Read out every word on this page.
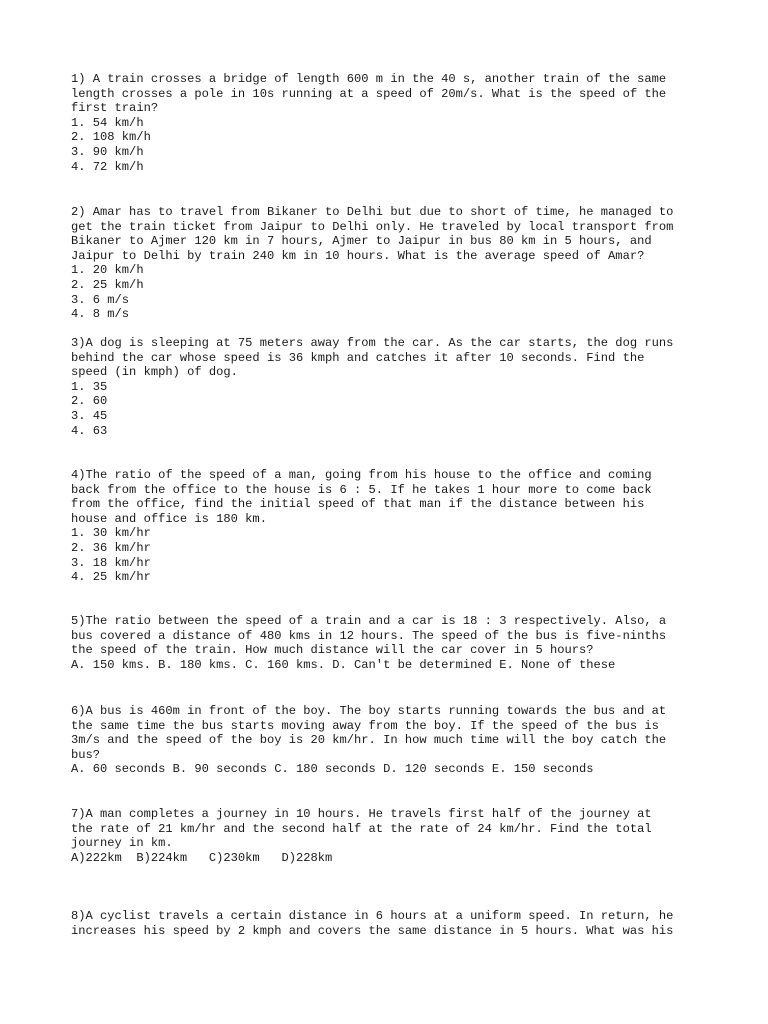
1) A train crosses a bridge of length 600 m in the 40 s, another train of the same
length crosses a pole in 10s running at a speed of 20m/s. What is the speed of the
first train?
1. 54 km/h
2. 108 km/h
3. 90 km/h
4. 72 km/h
2) Amar has to travel from Bikaner to Delhi but due to short of time, he managed to
get the train ticket from Jaipur to Delhi only. He traveled by local transport from
Bikaner to Ajmer 120 km in 7 hours, Ajmer to Jaipur in bus 80 km in 5 hours, and
Jaipur to Delhi by train 240 km in 10 hours. What is the average speed of Amar?
1. 20 km/h
2. 25 km/h
3. 6 m/s
4. 8 m/s
3)A dog is sleeping at 75 meters away from the car. As the car starts, the dog runs
behind the car whose speed is 36 kmph and catches it after 10 seconds. Find the
speed (in kmph) of dog.
1. 35
2. 60
3. 45
4. 63
4)The ratio of the speed of a man, going from his house to the office and coming
back from the office to the house is 6 : 5. If he takes 1 hour more to come back
from the office, find the initial speed of that man if the distance between his
house and office is 180 km.
1. 30 km/hr
2. 36 km/hr
3. 18 km/hr
4. 25 km/hr
5)The ratio between the speed of a train and a car is 18 : 3 respectively. Also, a
bus covered a distance of 480 kms in 12 hours. The speed of the bus is five-ninths
the speed of the train. How much distance will the car cover in 5 hours?
A. 150 kms. B. 180 kms. C. 160 kms. D. Can't be determined E. None of these
6)A bus is 460m in front of the boy. The boy starts running towards the bus and at
the same time the bus starts moving away from the boy. If the speed of the bus is
3m/s and the speed of the boy is 20 km/hr. In how much time will the boy catch the
bus?
A. 60 seconds B. 90 seconds C. 180 seconds D. 120 seconds E. 150 seconds
7)A man completes a journey in 10 hours. He travels first half of the journey at
the rate of 21 km/hr and the second half at the rate of 24 km/hr. Find the total
journey in km.
A)222km  B)224km   C)230km   D)228km
8)A cyclist travels a certain distance in 6 hours at a uniform speed. In return, he
increases his speed by 2 kmph and covers the same distance in 5 hours. What was his
